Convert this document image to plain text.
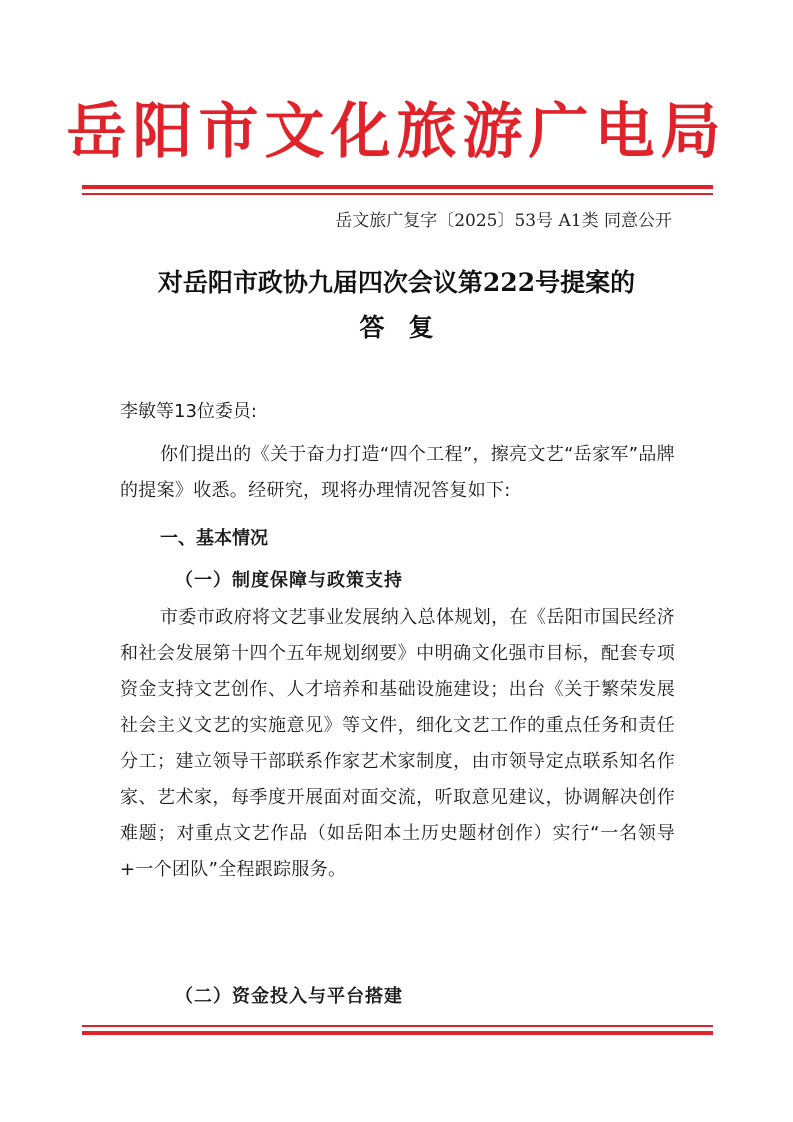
岳阳市文化旅游广电局
岳文旅广复字〔2025〕53号 A1类 同意公开
对岳阳市政协九届四次会议第222号提案的
答复
李敏等13位委员:
你们提出的《关于奋力打造“四个工程”，擦亮文艺“岳家军”品牌的提案》收悉。经研究，现将办理情况答复如下:
一、基本情况
（一）制度保障与政策支持
市委市政府将文艺事业发展纳入总体规划，在《岳阳市国民经济和社会发展第十四个五年规划纲要》中明确文化强市目标，配套专项资金支持文艺创作、人才培养和基础设施建设；出台《关于繁荣发展社会主义文艺的实施意见》等文件，细化文艺工作的重点任务和责任分工；建立领导干部联系作家艺术家制度，由市领导定点联系知名作家、艺术家，每季度开展面对面交流，听取意见建议，协调解决创作难题；对重点文艺作品（如岳阳本土历史题材创作）实行“一名领导+一个团队”全程跟踪服务。
（二）资金投入与平台搭建
